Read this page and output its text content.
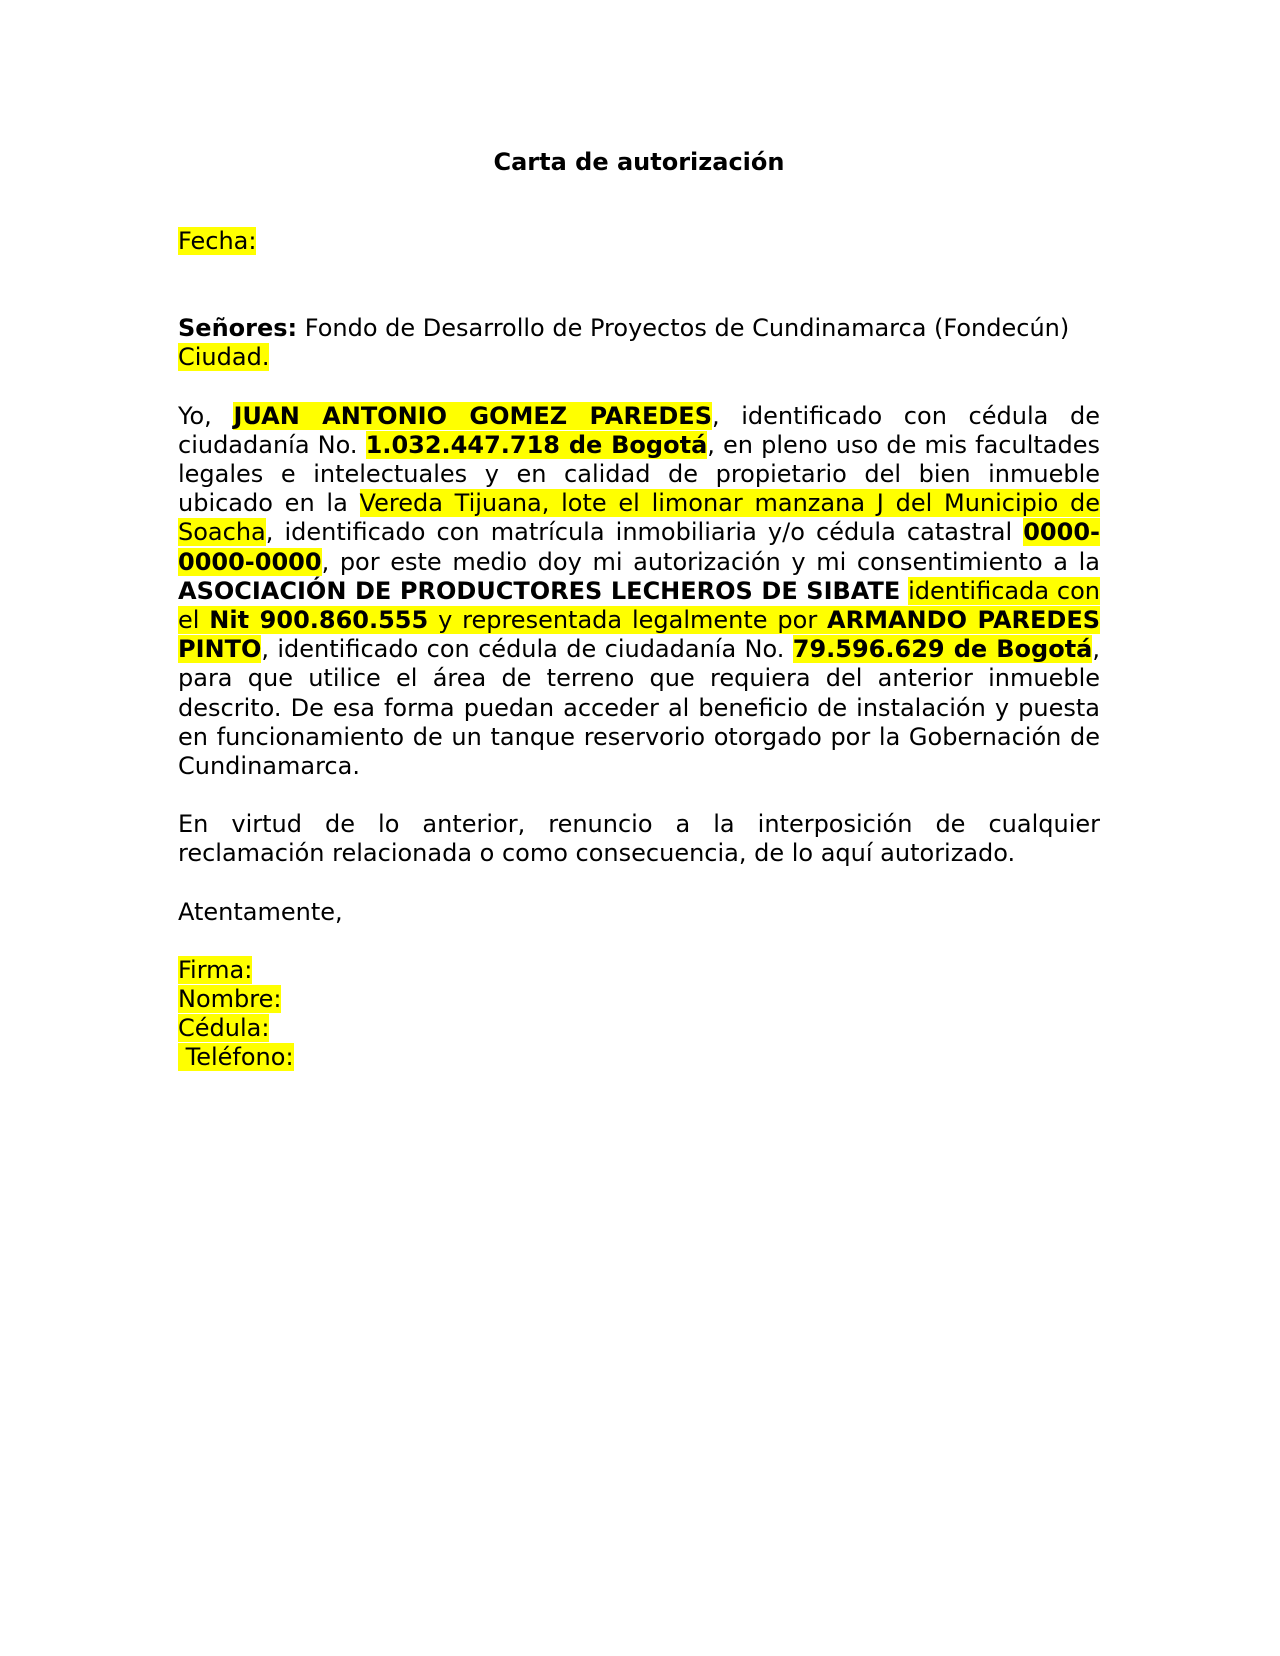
Carta de autorización

Fecha:

Señores: Fondo de Desarrollo de Proyectos de Cundinamarca (Fondecún)

Ciudad.

Yo, JUAN ANTONIO GOMEZ PAREDES, identificado con cédula de ciudadanía No. 1.032.447.718 de Bogotá, en pleno uso de mis facultades legales e intelectuales y en calidad de propietario del bien inmueble ubicado en la Vereda Tijuana, lote el limonar manzana J del Municipio de Soacha, identificado con matrícula inmobiliaria y/o cédula catastral 0000-0000-0000, por este medio doy mi autorización y mi consentimiento a la ASOCIACIÓN DE PRODUCTORES LECHEROS DE SIBATE identificada con el Nit 900.860.555 y representada legalmente por ARMANDO PAREDES PINTO, identificado con cédula de ciudadanía No. 79.596.629 de Bogotá, para que utilice el área de terreno que requiera del anterior inmueble descrito. De esa forma puedan acceder al beneficio de instalación y puesta en funcionamiento de un tanque reservorio otorgado por la Gobernación de Cundinamarca.

En virtud de lo anterior, renuncio a la interposición de cualquier reclamación relacionada o como consecuencia, de lo aquí autorizado.

Atentamente,

Firma:

Nombre:

Cédula:

Teléfono:
